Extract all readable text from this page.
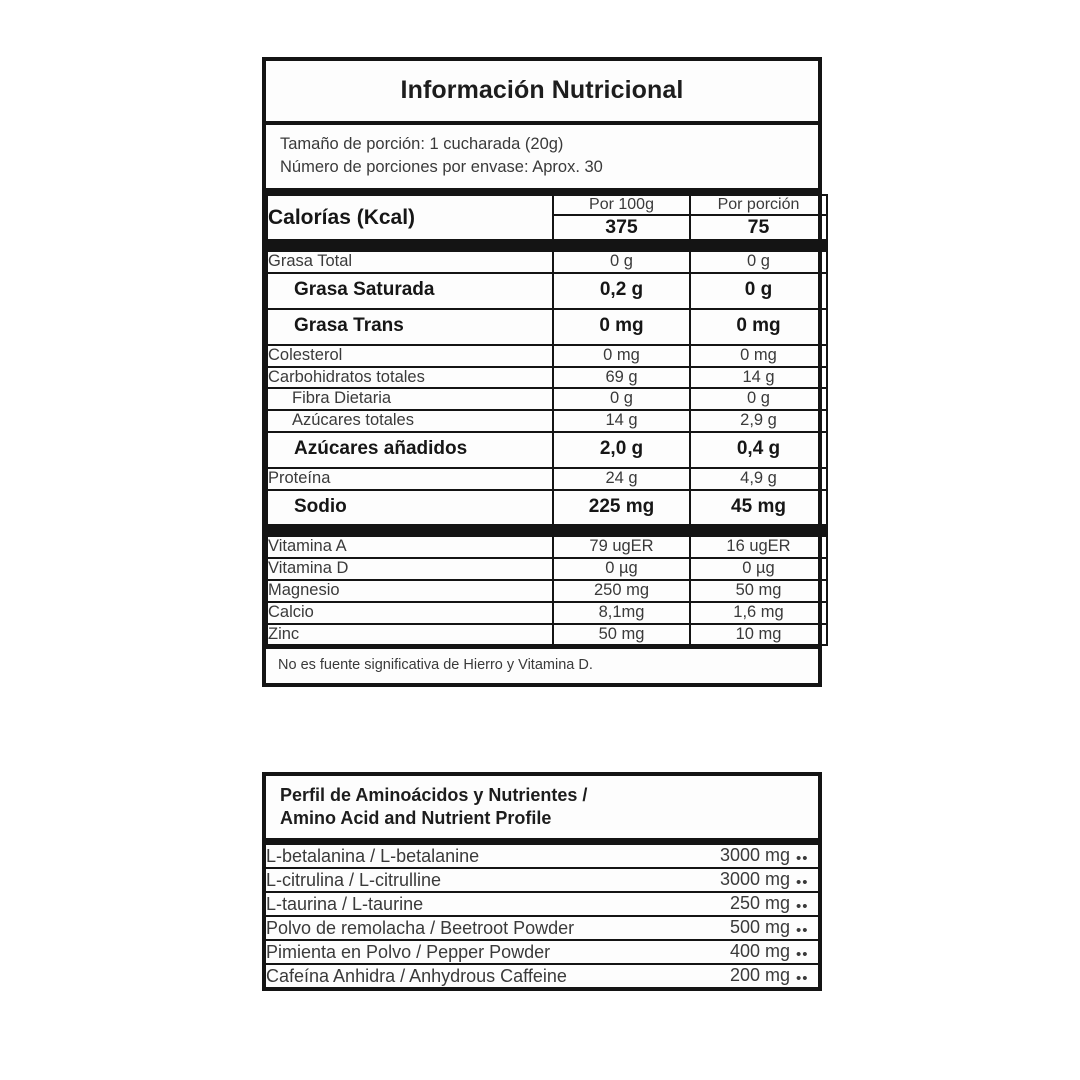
Información Nutricional
Tamaño de porción: 1 cucharada (20g)
Número de porciones por envase: Aprox. 30
Calorías (Kcal)	Por 100g	Por porción
	375	75

Grasa Total	0 g	0 g
Grasa Saturada	0,2 g	0 g
Grasa Trans	0 mg	0 mg
Colesterol	0 mg	0 mg
Carbohidratos totales	69 g	14 g
Fibra Dietaria	0 g	0 g
Azúcares totales	14 g	2,9 g
Azúcares añadidos	2,0 g	0,4 g
Proteína	24 g	4,9 g
Sodio	225 mg	45 mg

Vitamina A	79 ugER	16 ugER
Vitamina D	0 µg	0 µg
Magnesio	250 mg	50 mg
Calcio	8,1mg	1,6 mg
Zinc	50 mg	10 mg
No es fuente significativa de Hierro y Vitamina D.
Perfil de Aminoácidos y Nutrientes /
Amino Acid and Nutrient Profile
L-betalanina / L-betalanine	3000 mg ••
L-citrulina / L-citrulline	3000 mg ••
L-taurina / L-taurine	250 mg ••
Polvo de remolacha / Beetroot Powder	500 mg ••
Pimienta en Polvo / Pepper Powder	400 mg ••
Cafeína Anhidra / Anhydrous Caffeine	200 mg ••
